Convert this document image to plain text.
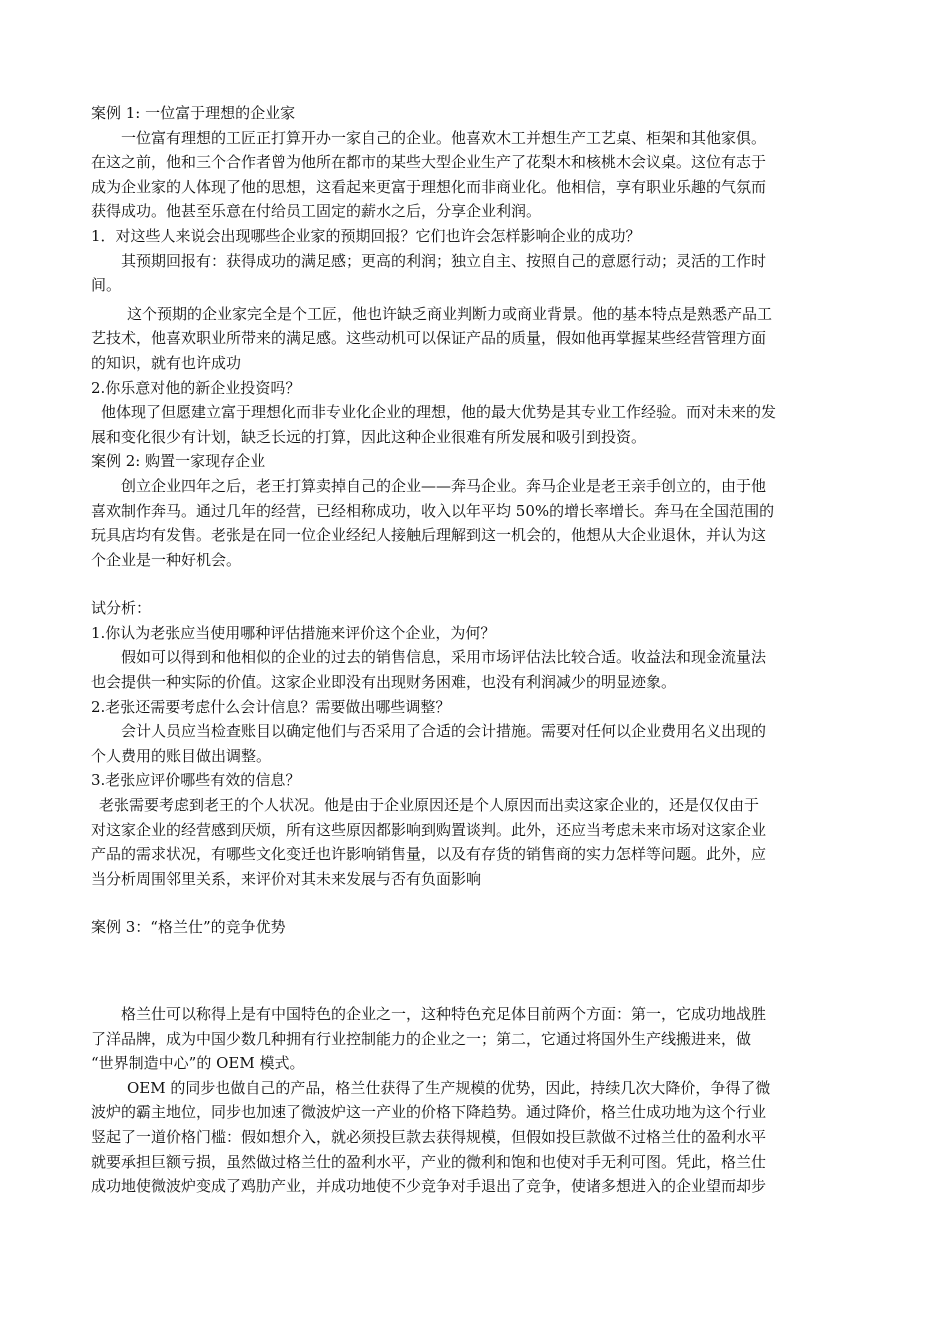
案例 1: 一位富于理想的企业家

一位富有理想的工匠正打算开办一家自己的企业。他喜欢木工并想生产工艺桌、柜架和其他家俱。

在这之前，他和三个合作者曾为他所在都市的某些大型企业生产了花梨木和核桃木会议桌。这位有志于

成为企业家的人体现了他的思想，这看起来更富于理想化而非商业化。他相信，享有职业乐趣的气氛而

获得成功。他甚至乐意在付给员工固定的薪水之后，分享企业利润。

1．对这些人来说会出现哪些企业家的预期回报？它们也许会怎样影响企业的成功？

其预期回报有：获得成功的满足感；更高的利润；独立自主、按照自己的意愿行动；灵活的工作时

间。

这个预期的企业家完全是个工匠，他也许缺乏商业判断力或商业背景。他的基本特点是熟悉产品工

艺技术，他喜欢职业所带来的满足感。这些动机可以保证产品的质量，假如他再掌握某些经营管理方面

的知识，就有也许成功

2.你乐意对他的新企业投资吗？

他体现了但愿建立富于理想化而非专业化企业的理想，他的最大优势是其专业工作经验。而对未来的发

展和变化很少有计划，缺乏长远的打算，因此这种企业很难有所发展和吸引到投资。

案例 2: 购置一家现存企业

创立企业四年之后，老王打算卖掉自己的企业——奔马企业。奔马企业是老王亲手创立的，由于他

喜欢制作奔马。通过几年的经营，已经相称成功，收入以年平均 50%的增长率增长。奔马在全国范围的

玩具店均有发售。老张是在同一位企业经纪人接触后理解到这一机会的，他想从大企业退休，并认为这

个企业是一种好机会。

试分析：

1.你认为老张应当使用哪种评估措施来评价这个企业，为何？

假如可以得到和他相似的企业的过去的销售信息，采用市场评估法比较合适。收益法和现金流量法

也会提供一种实际的价值。这家企业即没有出现财务困难，也没有利润减少的明显迹象。

2.老张还需要考虑什么会计信息？需要做出哪些调整？

会计人员应当检查账目以确定他们与否采用了合适的会计措施。需要对任何以企业费用名义出现的

个人费用的账目做出调整。

3.老张应评价哪些有效的信息？

老张需要考虑到老王的个人状况。他是由于企业原因还是个人原因而出卖这家企业的，还是仅仅由于

对这家企业的经营感到厌烦，所有这些原因都影响到购置谈判。此外，还应当考虑未来市场对这家企业

产品的需求状况，有哪些文化变迁也许影响销售量，以及有存货的销售商的实力怎样等问题。此外，应

当分析周围邻里关系，来评价对其未来发展与否有负面影响

案例 3：“格兰仕”的竞争优势

格兰仕可以称得上是有中国特色的企业之一，这种特色充足体目前两个方面：第一，它成功地战胜

了洋品牌，成为中国少数几种拥有行业控制能力的企业之一；第二，它通过将国外生产线搬进来，做

“世界制造中心”的 OEM 模式。

OEM 的同步也做自己的产品，格兰仕获得了生产规模的优势，因此，持续几次大降价，争得了微

波炉的霸主地位，同步也加速了微波炉这一产业的价格下降趋势。通过降价，格兰仕成功地为这个行业

竖起了一道价格门槛：假如想介入，就必须投巨款去获得规模，但假如投巨款做不过格兰仕的盈利水平

就要承担巨额亏损，虽然做过格兰仕的盈利水平，产业的微利和饱和也使对手无利可图。凭此，格兰仕

成功地使微波炉变成了鸡肋产业，并成功地使不少竞争对手退出了竞争，使诸多想进入的企业望而却步
